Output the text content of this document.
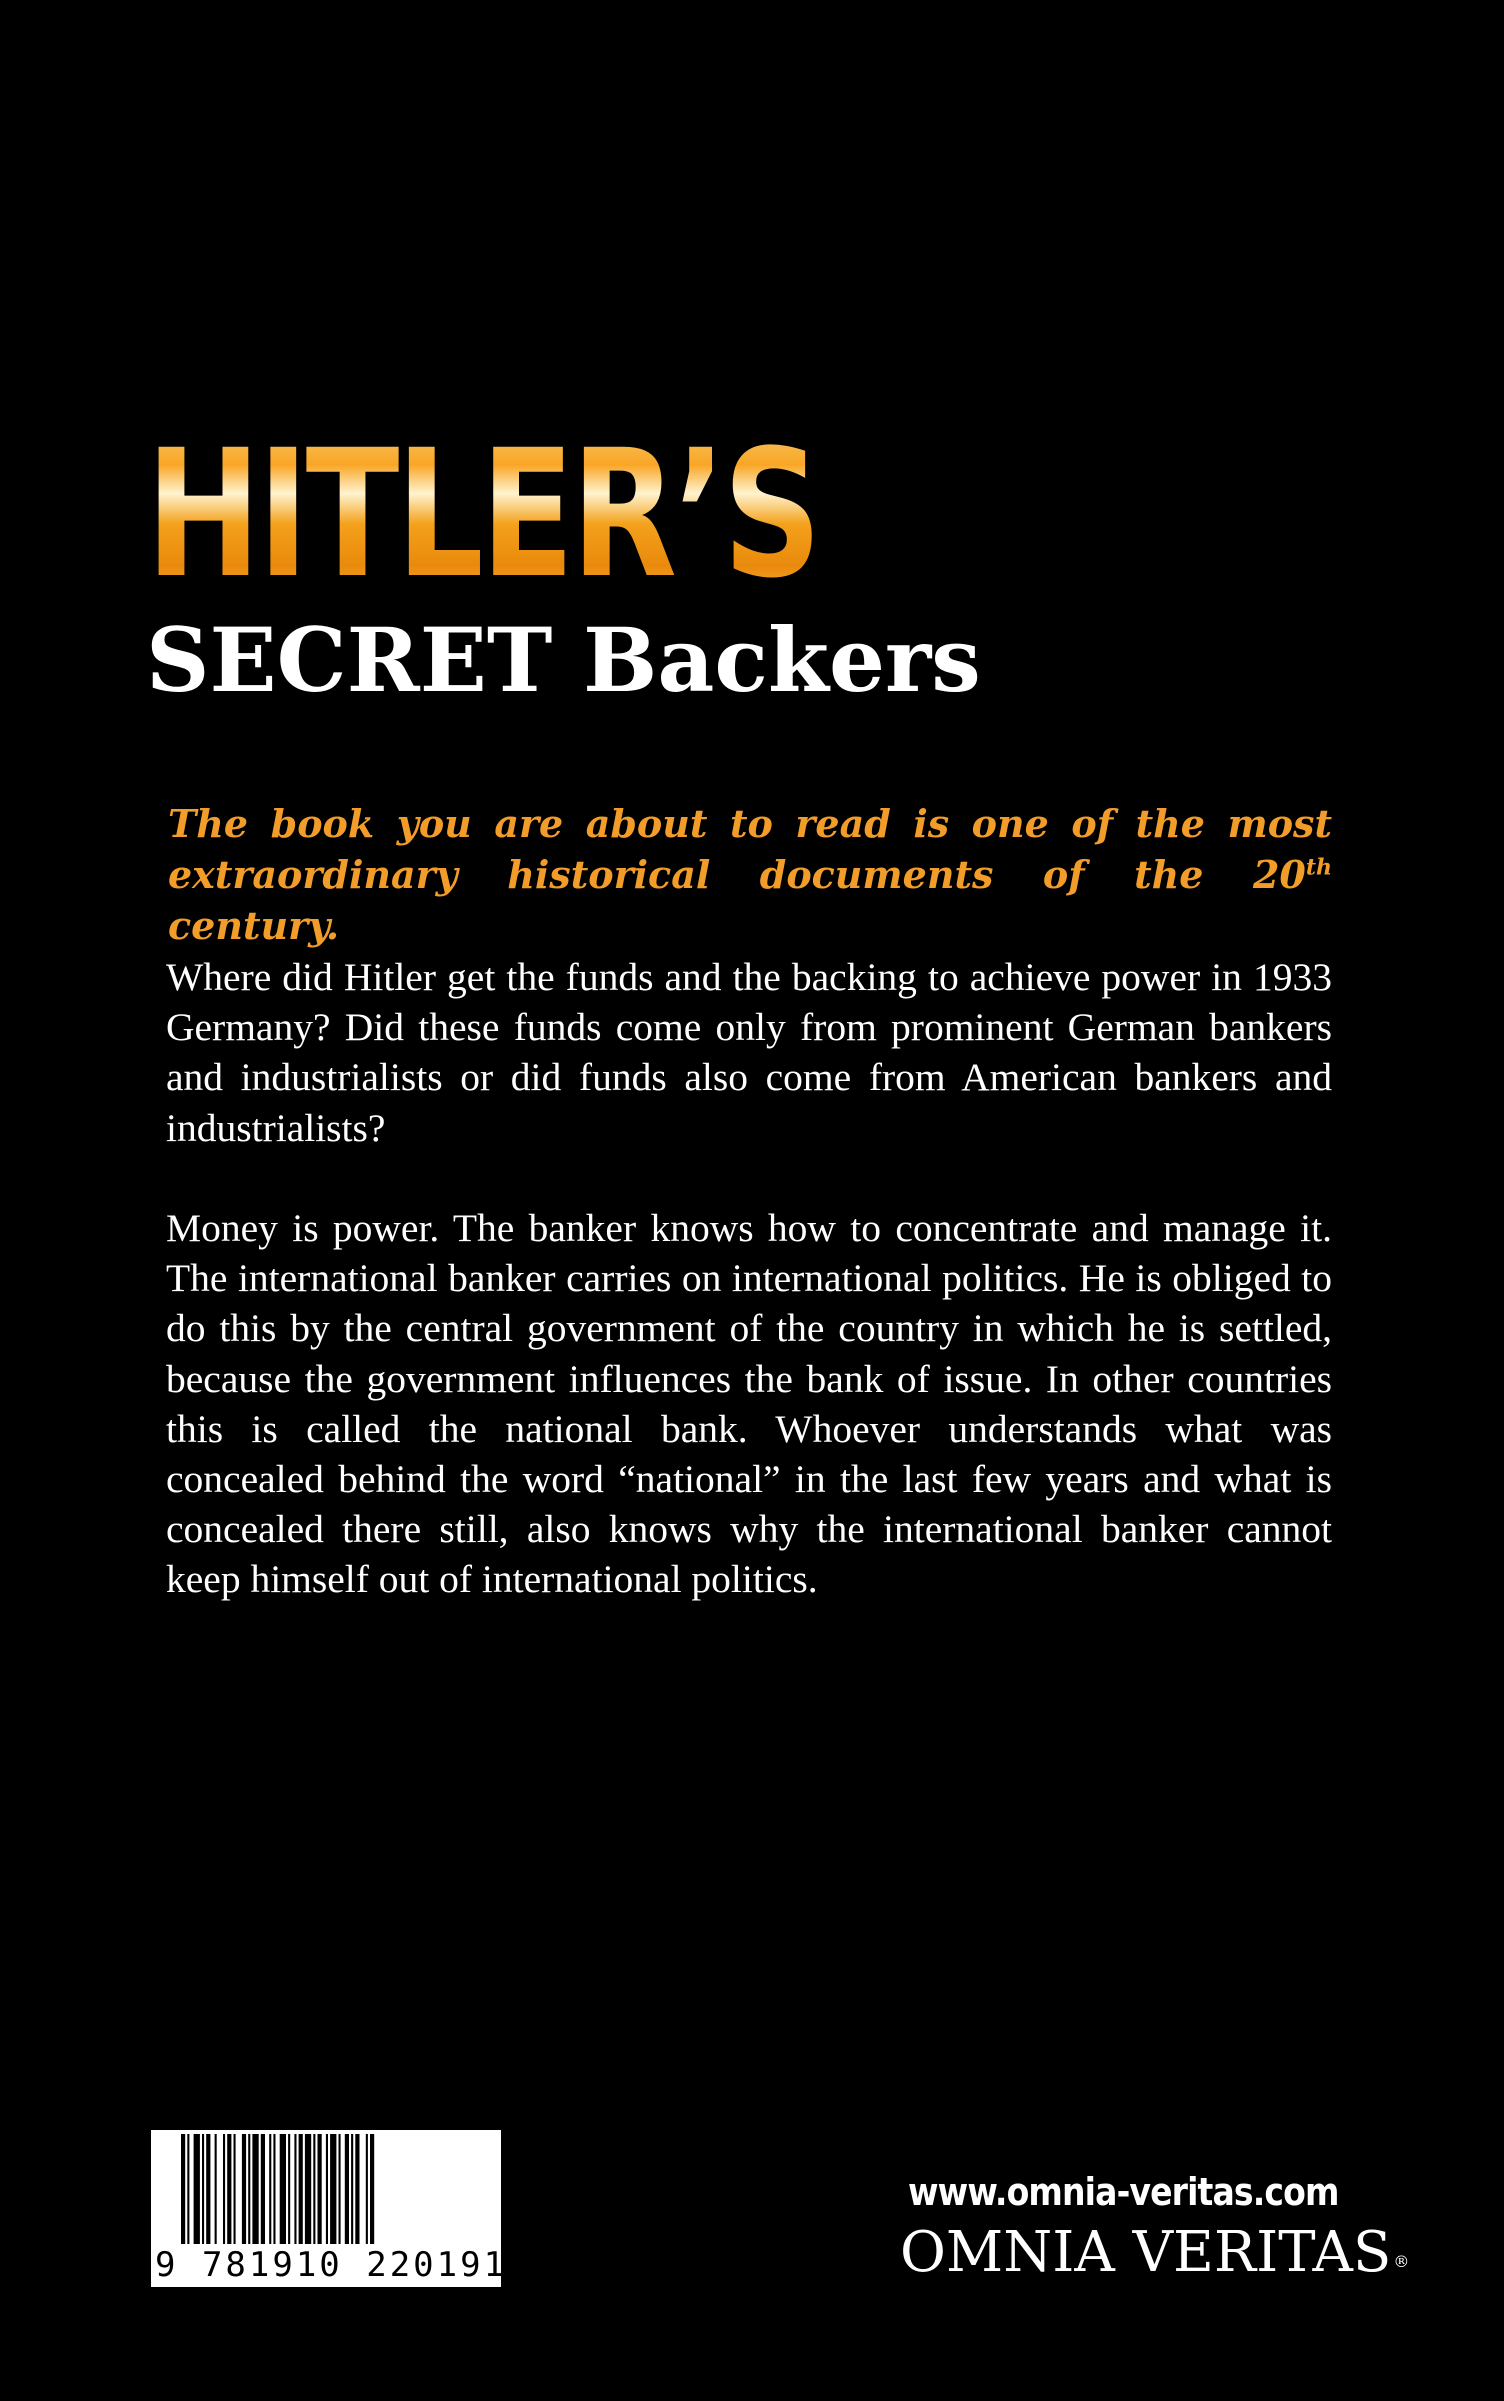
HITLER’S
SECRET Backers

The book you are about to read is one of the most extraordinary historical documents of the 20th century.

Where did Hitler get the funds and the backing to achieve power in 1933 Germany? Did these funds come only from prominent German bankers and industrialists or did funds also come from American bankers and industrialists?

Money is power. The banker knows how to concentrate and manage it. The international banker carries on international politics. He is obliged to do this by the central government of the country in which he is settled, because the government influences the bank of issue. In other countries this is called the national bank. Whoever understands what was concealed behind the word “national” in the last few years and what is concealed there still, also knows why the international banker cannot keep himself out of international politics.

9 781910 220191
www.omnia-veritas.com
OMNIA VERITAS ®
